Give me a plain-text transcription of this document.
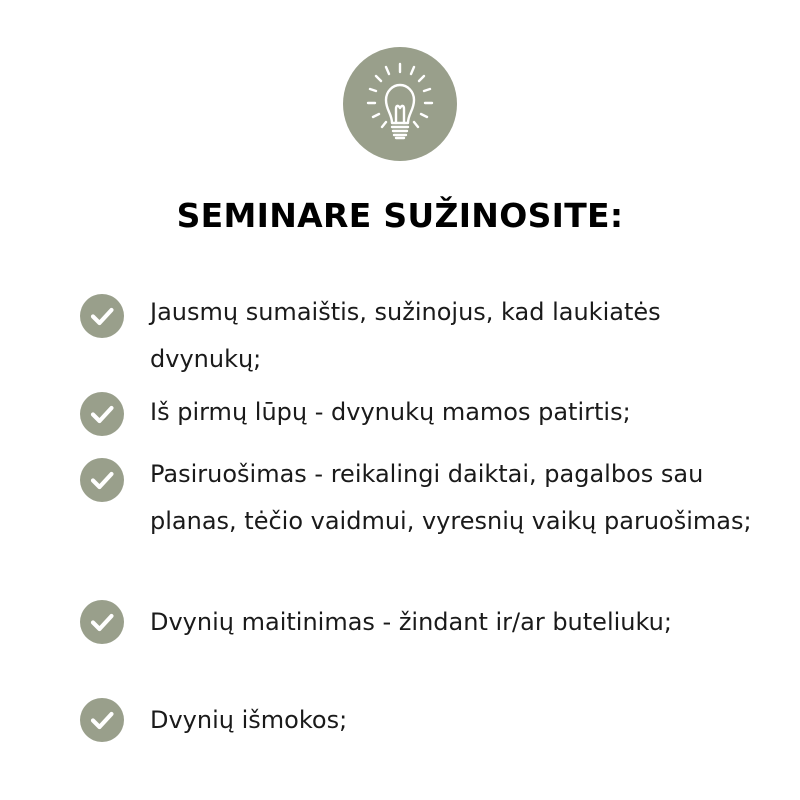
SEMINARE SUŽINOSITE:

Jausmų sumaištis, sužinojus, kad laukiatės dvynukų;

Iš pirmų lūpų - dvynukų mamos patirtis;

Pasiruošimas - reikalingi daiktai, pagalbos sau planas, tėčio vaidmui, vyresnių vaikų paruošimas;

Dvynių maitinimas - žindant ir/ar buteliuku;

Dvynių išmokos;
